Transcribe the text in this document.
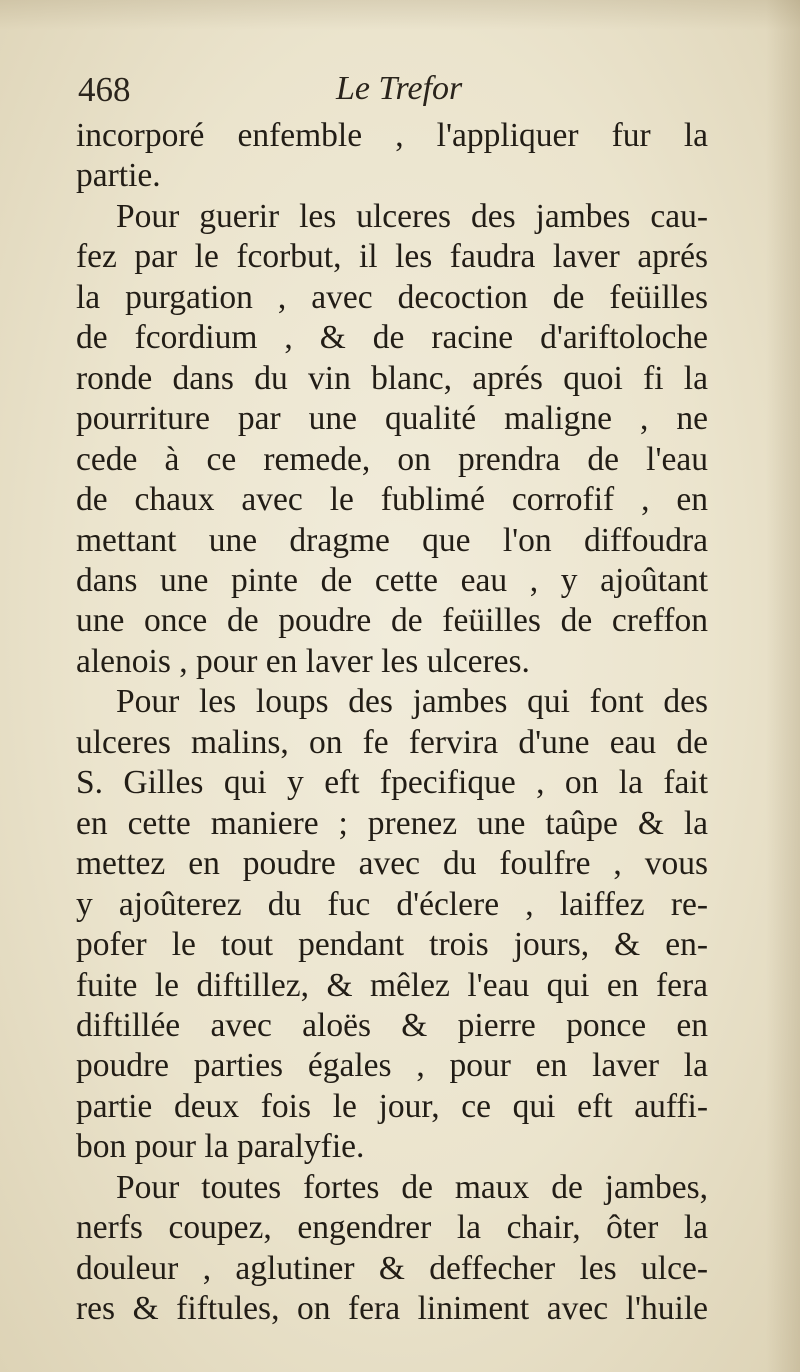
468	Le Trefor
incorporé enfemble , l'appliquer fur la
partie.
Pour guerir les ulceres des jambes cau-
fez par le fcorbut, il les faudra laver aprés
la purgation , avec decoction de feüilles
de fcordium , & de racine d'ariftoloche
ronde dans du vin blanc, aprés quoi fi la
pourriture par une qualité maligne , ne
cede à ce remede, on prendra de l'eau
de chaux avec le fublimé corrofif , en
mettant une dragme que l'on diffoudra
dans une pinte de cette eau , y ajoûtant
une once de poudre de feüilles de creffon
alenois , pour en laver les ulceres.
Pour les loups des jambes qui font des
ulceres malins, on fe fervira d'une eau de
S. Gilles qui y eft fpecifique , on la fait
en cette maniere ; prenez une taûpe & la
mettez en poudre avec du foulfre , vous
y ajoûterez du fuc d'éclere , laiffez re-
pofer le tout pendant trois jours, & en-
fuite le diftillez, & mêlez l'eau qui en fera
diftillée avec aloës & pierre ponce en
poudre parties égales , pour en laver la
partie deux fois le jour, ce qui eft auffi-
bon pour la paralyfie.
Pour toutes fortes de maux de jambes,
nerfs coupez, engendrer la chair, ôter la
douleur , aglutiner & deffecher les ulce-
res & fiftules, on fera liniment avec l'huile
